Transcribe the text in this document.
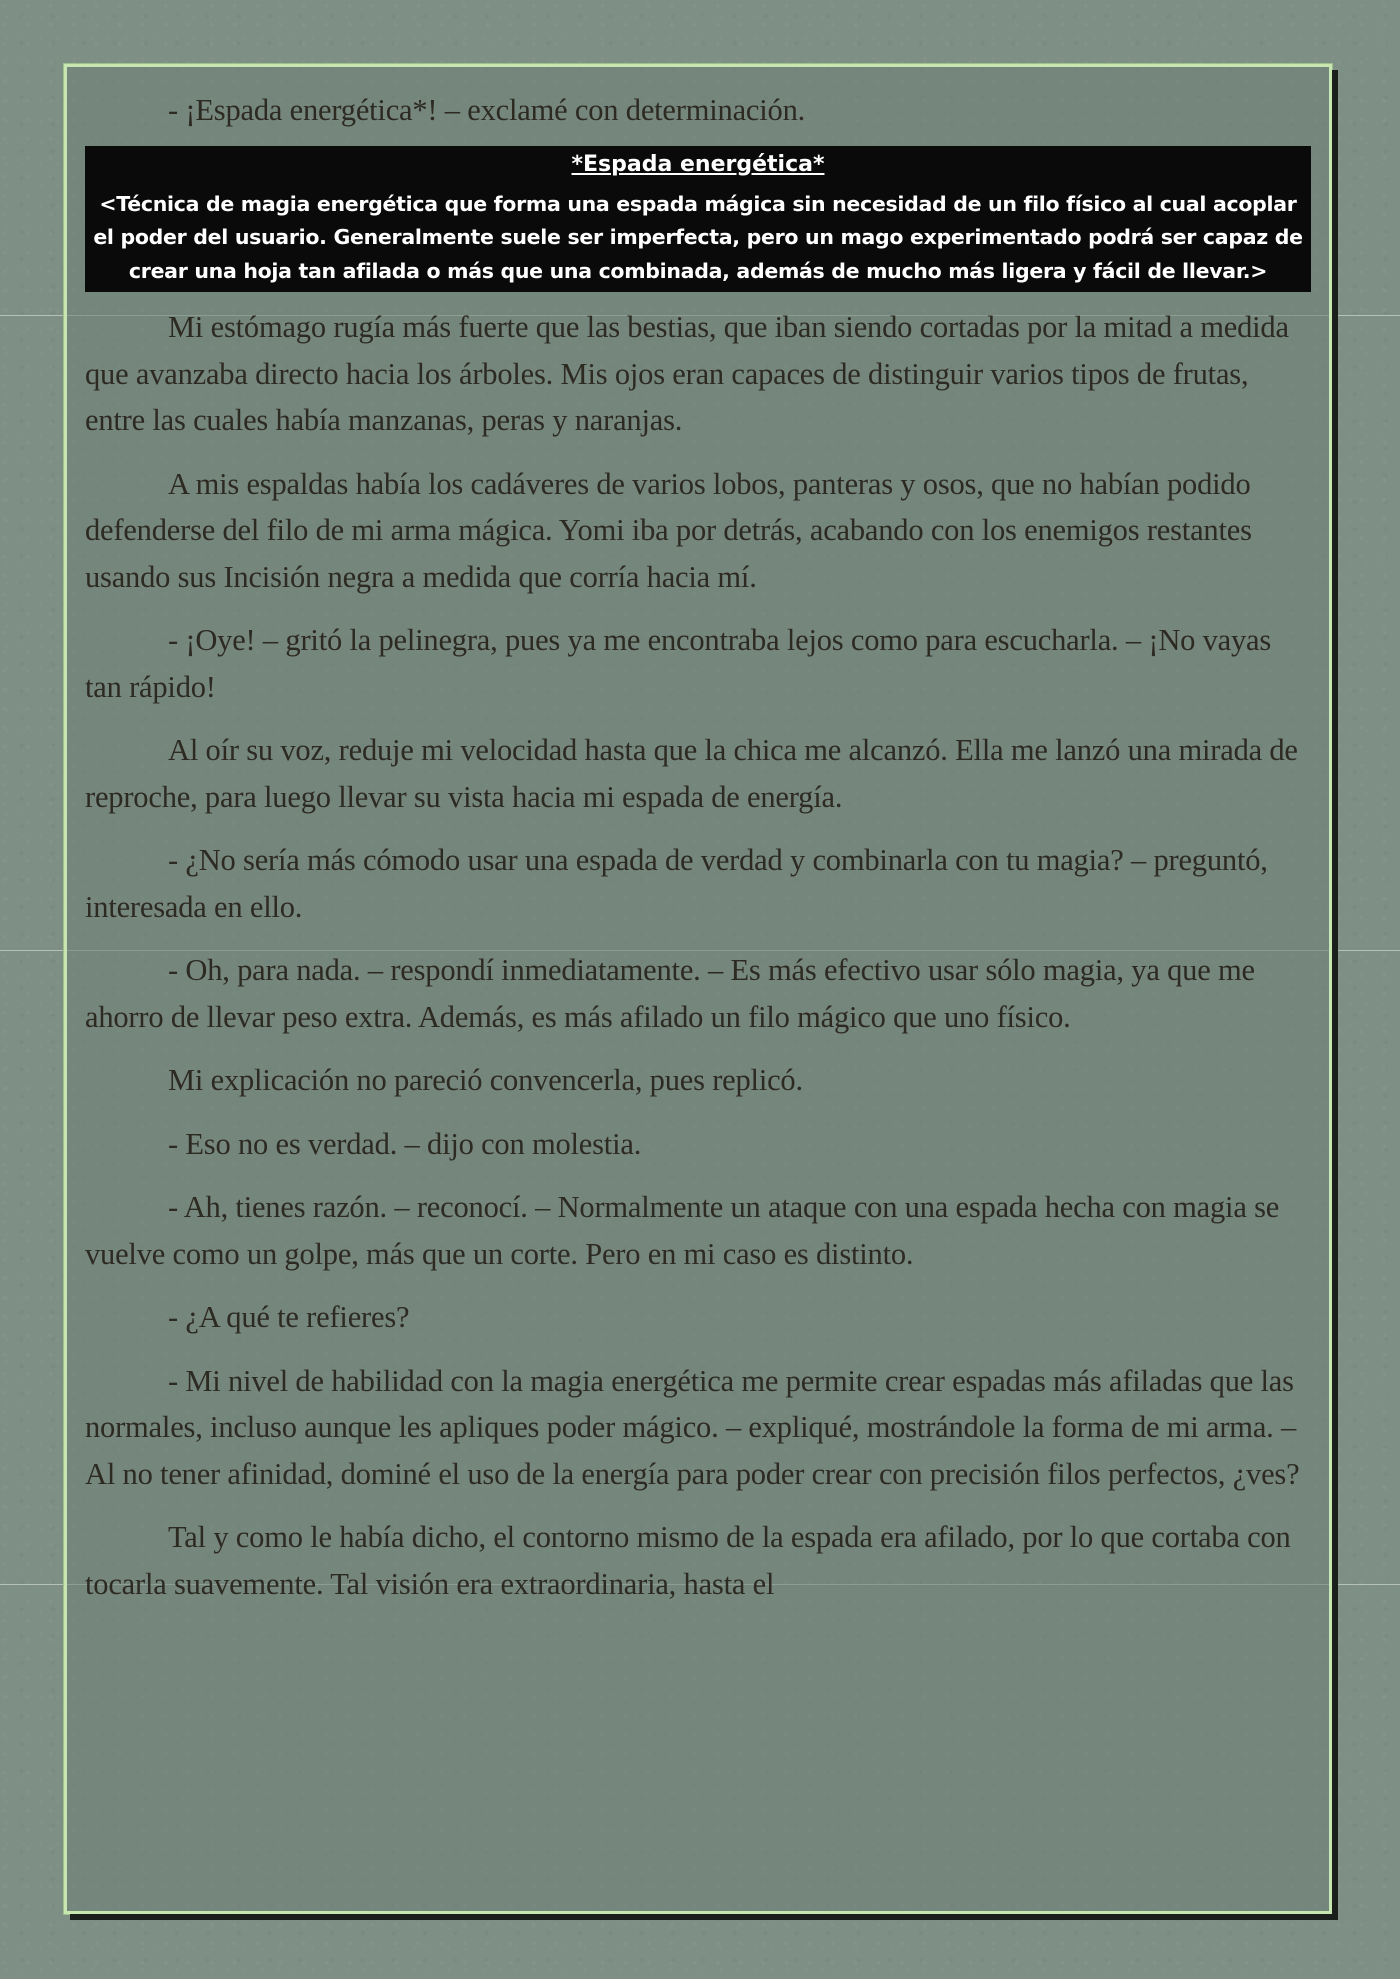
- ¡Espada energética*! – exclamé con determinación.

*Espada energética*
<Técnica de magia energética que forma una espada mágica sin necesidad de un filo físico al cual acoplar el poder del usuario. Generalmente suele ser imperfecta, pero un mago experimentado podrá ser capaz de crear una hoja tan afilada o más que una combinada, además de mucho más ligera y fácil de llevar.>

Mi estómago rugía más fuerte que las bestias, que iban siendo cortadas por la mitad a medida que avanzaba directo hacia los árboles. Mis ojos eran capaces de distinguir varios tipos de frutas, entre las cuales había manzanas, peras y naranjas.

A mis espaldas había los cadáveres de varios lobos, panteras y osos, que no habían podido defenderse del filo de mi arma mágica. Yomi iba por detrás, acabando con los enemigos restantes usando sus Incisión negra a medida que corría hacia mí.

- ¡Oye! – gritó la pelinegra, pues ya me encontraba lejos como para escucharla. – ¡No vayas tan rápido!

Al oír su voz, reduje mi velocidad hasta que la chica me alcanzó. Ella me lanzó una mirada de reproche, para luego llevar su vista hacia mi espada de energía.

- ¿No sería más cómodo usar una espada de verdad y combinarla con tu magia? – preguntó, interesada en ello.

- Oh, para nada. – respondí inmediatamente. – Es más efectivo usar sólo magia, ya que me ahorro de llevar peso extra. Además, es más afilado un filo mágico que uno físico.

Mi explicación no pareció convencerla, pues replicó.

- Eso no es verdad. – dijo con molestia.

- Ah, tienes razón. – reconocí. – Normalmente un ataque con una espada hecha con magia se vuelve como un golpe, más que un corte. Pero en mi caso es distinto.

- ¿A qué te refieres?

- Mi nivel de habilidad con la magia energética me permite crear espadas más afiladas que las normales, incluso aunque les apliques poder mágico. – expliqué, mostrándole la forma de mi arma. – Al no tener afinidad, dominé el uso de la energía para poder crear con precisión filos perfectos, ¿ves?

Tal y como le había dicho, el contorno mismo de la espada era afilado, por lo que cortaba con tocarla suavemente. Tal visión era extraordinaria, hasta el
